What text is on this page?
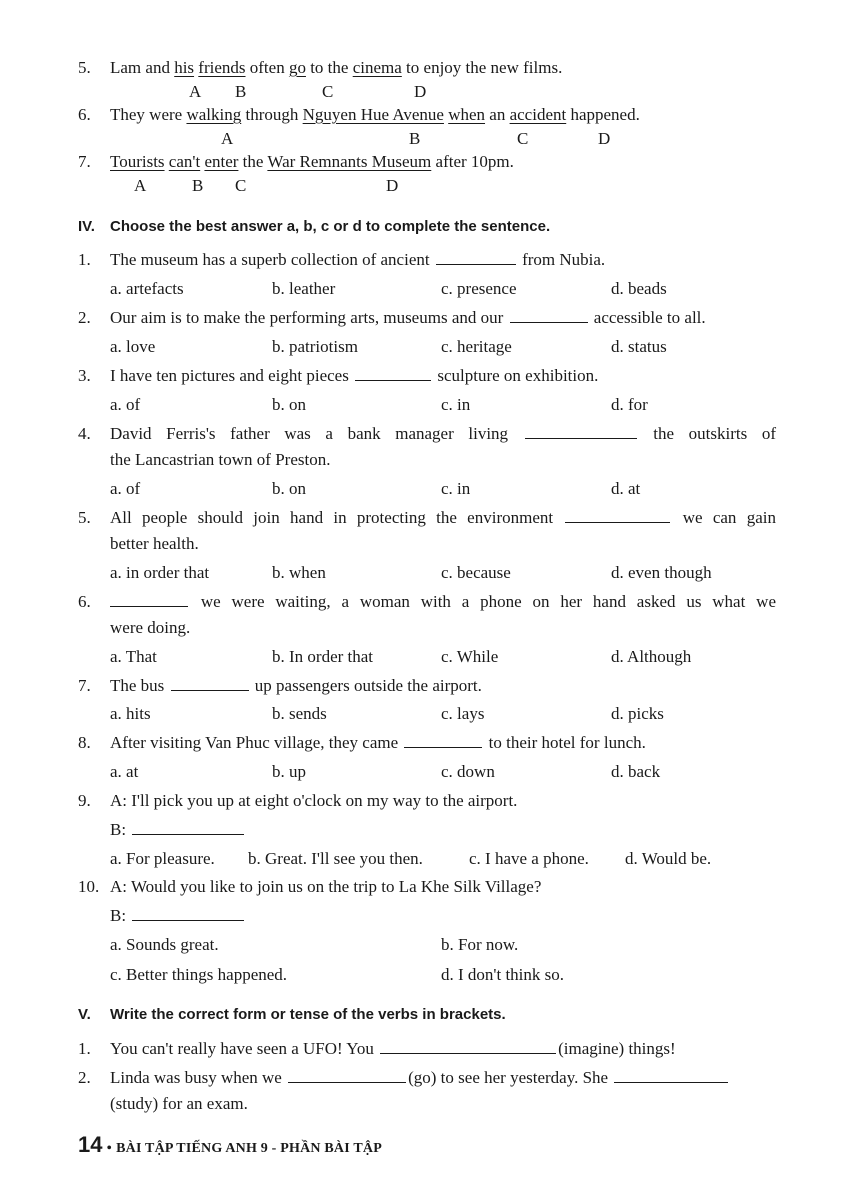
5. Lam and his friends often go to the cinema to enjoy the new films.
A B	C	D
6. They were walking through Nguyen Hue Avenue when an accident happened.
A	B	C	D
7. Tourists can't enter the War Remnants Museum after 10pm.
A	B C	D
IV. Choose the best answer a, b, c or d to complete the sentence.
1. The museum has a superb collection of ancient	from Nubia.
a. artefacts	b. leather	c. presence	d. beads
2. Our aim is to make the performing arts, museums and our	accessible to all.
a. love	b. patriotism	c. heritage	d. status
3. I have ten pictures and eight pieces	sculpture on exhibition.
a. of	b. on	c. in	d. for
4. David Ferris's father was a bank manager living	the outskirts of
the Lancastrian town of Preston.
a. of	b. on	c. in	d. at
5. All people should join hand in protecting the environment	we can gain
better health.
a. in order that	b. when	c. because	d. even though
6.	we were waiting, a woman with a phone on her hand asked us what we
were doing.
a. That	b. In order that	c. While	d. Although
7. The bus	up passengers outside the airport.
a. hits	b. sends	c. lays	d. picks
8. After visiting Van Phuc village, they came	to their hotel for lunch.
a. at	b. up	c. down	d. back
9. A: I'll pick you up at eight o'clock on my way to the airport.
B:
a. For pleasure. b. Great. I'll see you then.	c. I have a phone. d. Would be.
10. A: Would you like to join us on the trip to La Khe Silk Village?
B:
a. Sounds great.	b. For now.
c. Better things happened.	d. I don't think so.
V. Write the correct form or tense of the verbs in brackets.
1. You can't really have seen a UFO! You	(imagine) things!
2. Linda was busy when we	(go) to see her yesterday. She
(study) for an exam.
14 • BÀI TẬP TIẾNG ANH 9 - PHẦN BÀI TẬP
